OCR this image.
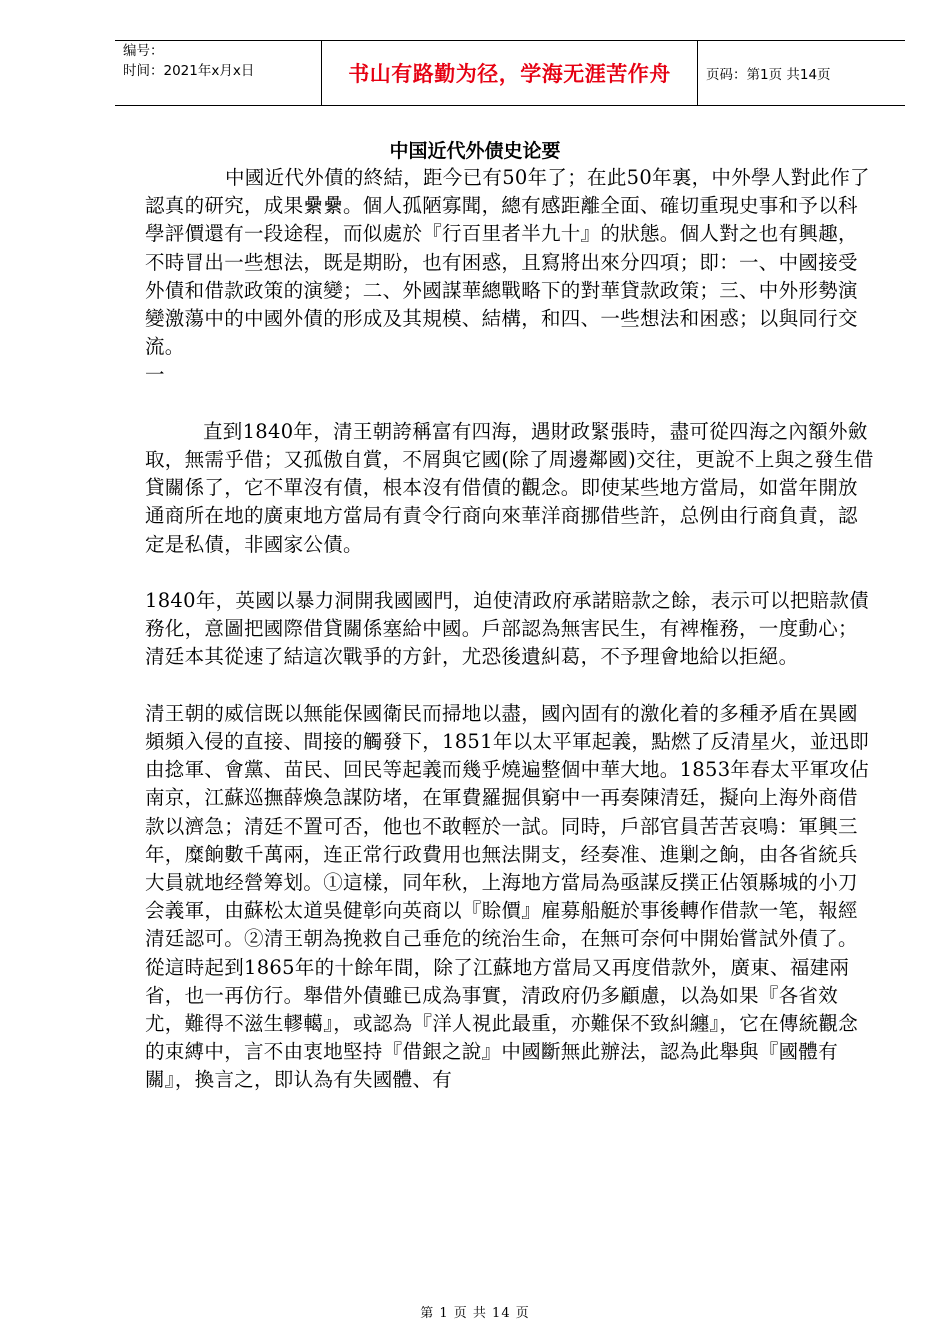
编号：
时间：2021年x月x日	书山有路勤为径，学海无涯苦作舟	页码：第1页 共14页
中国近代外债史论要

中國近代外債的終結，距今已有50年了；在此50年裏，中外學人對此作了認真的研究，成果纍纍。個人孤陋寡聞，總有感距離全面、確切重現史事和予以科學評價還有一段途程，而似處於『行百里者半九十』的狀態。個人對之也有興趣，不時冒出一些想法，既是期盼，也有困惑，且寫將出來分四項；即：一、中國接受外債和借款政策的演變；二、外國謀華總戰略下的對華貸款政策；三、中外形勢演變激蕩中的中國外債的形成及其規模、結構，和四、一些想法和困惑；以與同行交流。

一

直到1840年，清王朝誇稱富有四海，遇財政緊張時，盡可從四海之內額外斂取，無需乎借；又孤傲自賞，不屑與它國(除了周邊鄰國)交往，更說不上與之發生借貸關係了，它不單沒有債，根本沒有借債的觀念。即使某些地方當局，如當年開放通商所在地的廣東地方當局有責令行商向來華洋商挪借些許，总例由行商負責，認定是私債，非國家公債。

1840年，英國以暴力洞開我國國門，迫使清政府承諾賠款之餘，表示可以把賠款債務化，意圖把國際借貸關係塞給中國。戶部認為無害民生，有裨権務，一度動心；清廷本其從速了結這次戰爭的方針，尤恐後遺糾葛，不予理會地給以拒絕。

清王朝的威信既以無能保國衛民而掃地以盡，國內固有的激化着的多種矛盾在異國頻頻入侵的直接、間接的觸發下，1851年以太平軍起義，點燃了反清星火，並迅即由捻軍、會黨、苗民、回民等起義而幾乎燒遍整個中華大地。1853年春太平軍攻佔南京，江蘇巡撫薛煥急謀防堵，在軍費羅掘俱窮中一再奏陳清廷，擬向上海外商借款以濟急；清廷不置可否，他也不敢輕於一試。同時，戶部官員苦苦哀鳴：軍興三年，糜餉數千萬兩，连正常行政費用也無法開支，经奏准、進剿之餉，由各省統兵大員就地经營筹划。①這樣，同年秋，上海地方當局為亟謀反撲正佔領縣城的小刀会義軍，由蘇松太道吳健彰向英商以『賒價』雇募船艇於事後轉作借款一笔，報經清廷認可。②清王朝為挽救自己垂危的统治生命，在無可奈何中開始嘗試外債了。從這時起到1865年的十餘年間，除了江蘇地方當局又再度借款外，廣東、福建兩省，也一再仿行。舉借外債雖已成為事實，清政府仍多顧慮，以為如果『各省效尤，難得不滋生轇轕』，或認為『洋人視此最重，亦難保不致糾纏』，它在傳統觀念的束縛中，言不由衷地堅持『借銀之說』中國斷無此辦法，認為此舉與『國體有關』，換言之，即认為有失國體、有

第 1 页 共 14 页
